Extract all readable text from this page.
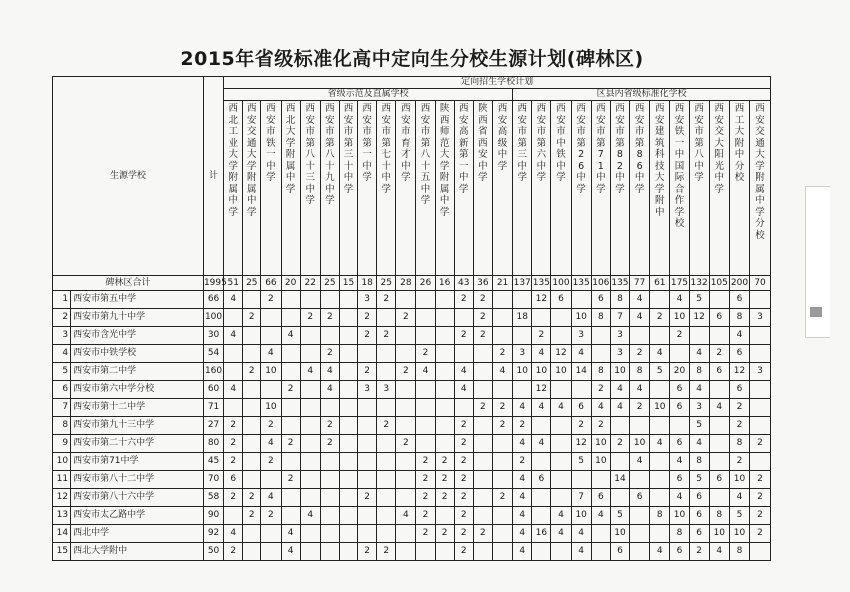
2015年省级标准化高中定向生分校生源计划(碑林区)
生源学校		计	定向招生学校计划																											
			省级示范及直属学校															区县内省级标准化学校												

			西北工业大学附属中学	西安交通大学附属中学	西安市铁一中学	西北大学附属中学	西安市第八十三中学	西安市第八十九中学	西安市第三十中学	西安市第一中学	西安市第七十中学	西安市育才中学	西安市第八十五中学	陕西师范大学附属中学	西安高新第一中学	陕西省西安中学	西安高级中学	西安市第三中学	西安市第六中学	西安市中铁中学	西安市第26中学	西安市第71中学	西安市第82中学	西安市第86中学	西安建筑科技大学附中	西安铁一中国际合作学校	西安市第八中学	西安交大阳光中学	西工大附中分校	西安交通大学附属中学分校

碑林区合计		1995	51	25	66	20	22	25	15	18	25	28	26	16	43	36	21	137	135	100	135	106	135	77	61	175	132	105	200	70
1	西安市第五中学	66	4		2					3	2				2	2			12	6		6	8	4		4	5		6	
2	西安市第九十中学	100		2			2	2		2		2				2		18			10	8	7	4	2	10	12	6	8	3
3	西安市含光中学	30	4			4				2	2				2	2			2		3		3			2			4	
4	西安市中铁学校	54			4			2					2				2	3	4	12	4		3	2	4		4	2	6	
5	西安市第二中学	160		2	10		4	4		2		2	4		4		4	10	10	10	14	8	10	8	5	20	8	6	12	3
6	西安市第六中学分校	60	4			2		4		3	3				4				12			2	4	4		6	4		6	
7	西安市第十二中学	71			10											2	2	4	4	4	6	4	4	2	10	6	3	4	2	
8	西安市第九十三中学	27	2		2			2			2				2		2	2			2	2					5		2	
9	西安市第二十六中学	80	2		4	2		2				2			2			4	4		12	10	2	10	4	6	4		8	2
10	西安市第71中学	45	2		2								2	2	2			2			5	10		4		4	8		2	
11	西安市第八十二中学	70	6			2							2	2	2			4	6				14			6	5	6	10	2
12	西安市第八十六中学	58	2	2	4					2			2	2	2		2	4			7	6		6		4	6		4	2
13	西安市太乙路中学	90		2	2		4					4	2		2			4		4	10	4	5		8	10	6	8	5	2
14	西北中学	92	4			4							2	2	2	2		4	16	4	4		10			8	6	10	10	2
15	西北大学附中	50	2			4				2	2				2			4			4		6		4	6	2	4	8	
